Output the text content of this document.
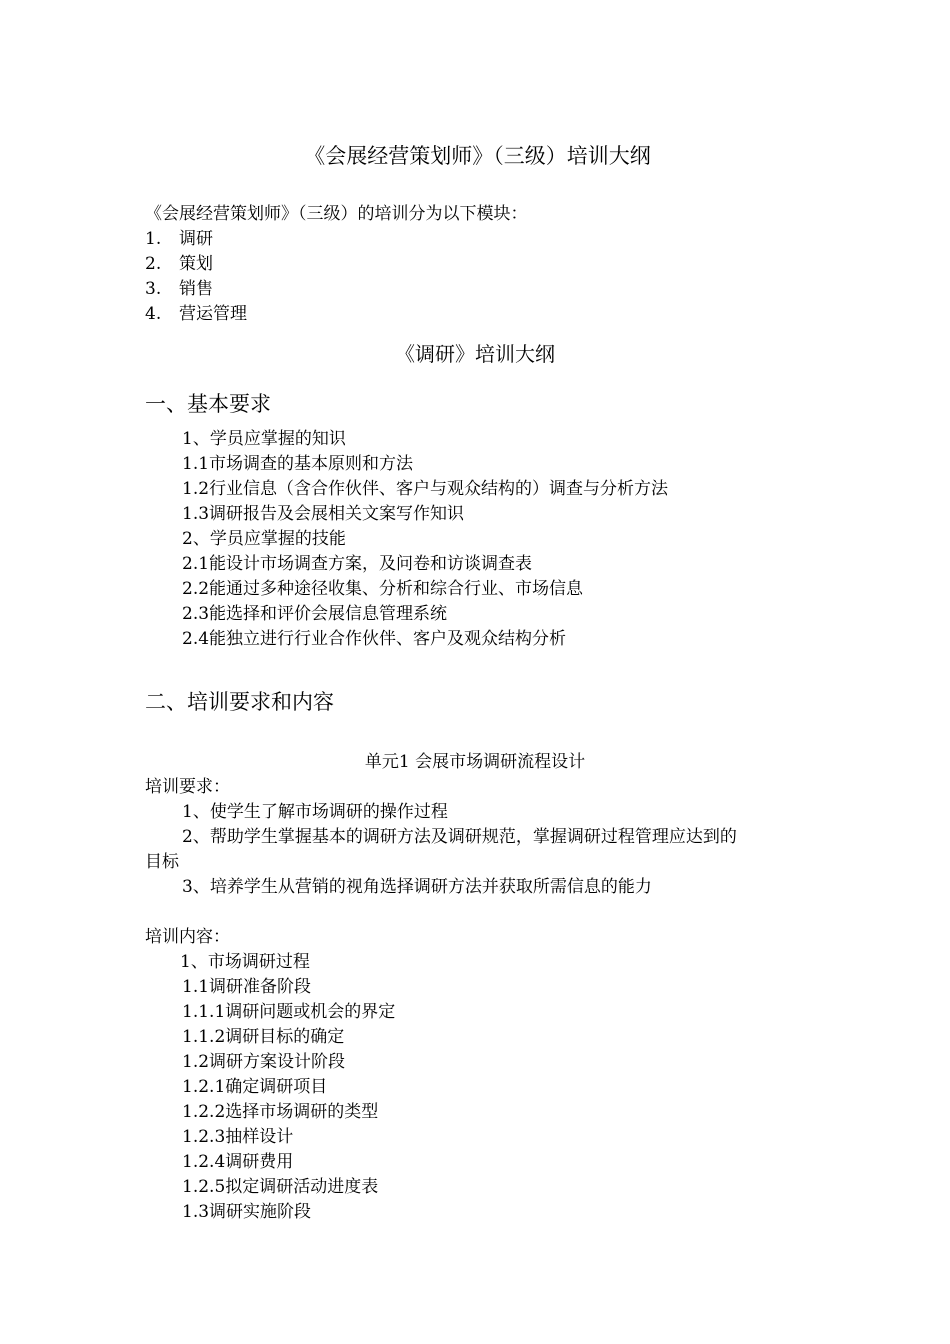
《会展经营策划师》（三级）培训大纲
《会展经营策划师》（三级）的培训分为以下模块：
1. 调研
2. 策划
3. 销售
4. 营运管理
《调研》培训大纲
一、基本要求
1、学员应掌握的知识
1.1市场调查的基本原则和方法
1.2行业信息（含合作伙伴、客户与观众结构的）调查与分析方法
1.3调研报告及会展相关文案写作知识
2、学员应掌握的技能
2.1能设计市场调查方案，及问卷和访谈调查表
2.2能通过多种途径收集、分析和综合行业、市场信息
2.3能选择和评价会展信息管理系统
2.4能独立进行行业合作伙伴、客户及观众结构分析
二、培训要求和内容
单元1 会展市场调研流程设计
培训要求：
1、使学生了解市场调研的操作过程
2、帮助学生掌握基本的调研方法及调研规范，掌握调研过程管理应达到的
目标
3、培养学生从营销的视角选择调研方法并获取所需信息的能力
培训内容：
1、市场调研过程
1.1调研准备阶段
1.1.1调研问题或机会的界定
1.1.2调研目标的确定
1.2调研方案设计阶段
1.2.1确定调研项目
1.2.2选择市场调研的类型
1.2.3抽样设计
1.2.4调研费用
1.2.5拟定调研活动进度表
1.3调研实施阶段
